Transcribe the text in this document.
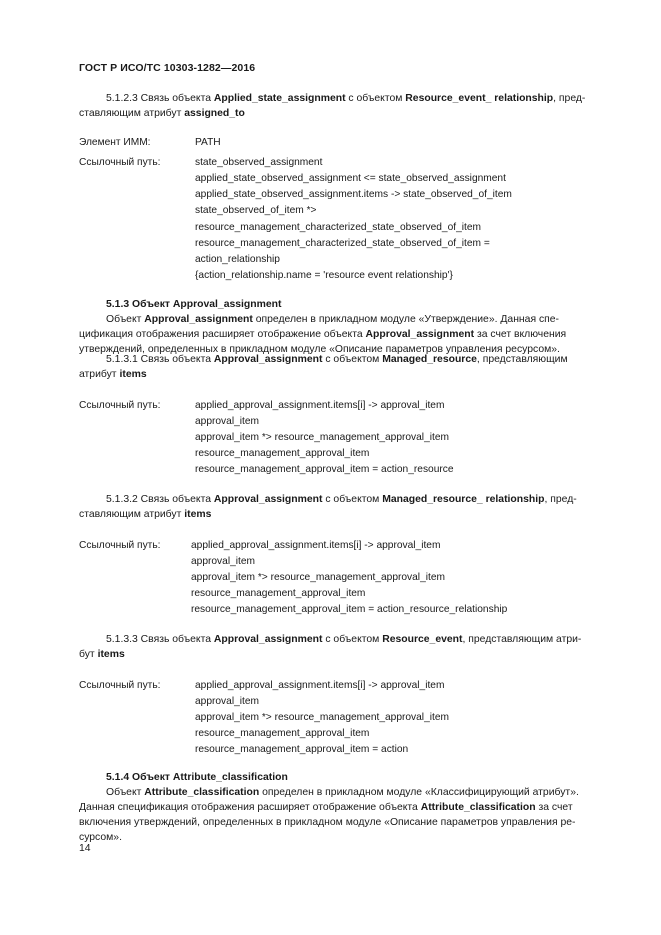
ГОСТ Р ИСО/ТС 10303-1282—2016
5.1.2.3 Связь объекта Applied_state_assignment с объектом Resource_event_ relationship, пред-
ставляющим атрибут assigned_to
Элемент ИММ:	PATH
Ссылочный путь:	state_observed_assignment
applied_state_observed_assignment <= state_observed_assignment
applied_state_observed_assignment.items -> state_observed_of_item
state_observed_of_item *>
resource_management_characterized_state_observed_of_item
resource_management_characterized_state_observed_of_item =
action_relationship
{action_relationship.name = 'resource event relationship'}
5.1.3 Объект Approval_assignment
Объект Approval_assignment определен в прикладном модуле «Утверждение». Данная спе-
цификация отображения расширяет отображение объекта Approval_assignment за счет включения
утверждений, определенных в прикладном модуле «Описание параметров управления ресурсом».
5.1.3.1 Связь объекта Approval_assignment с объектом Managed_resource, представляющим
атрибут items
Ссылочный путь:	applied_approval_assignment.items[i] -> approval_item
approval_item
approval_item *> resource_management_approval_item
resource_management_approval_item
resource_management_approval_item = action_resource
5.1.3.2 Связь объекта Approval_assignment с объектом Managed_resource_ relationship, пред-
ставляющим атрибут items
Ссылочный путь:	applied_approval_assignment.items[i] -> approval_item
approval_item
approval_item *> resource_management_approval_item
resource_management_approval_item
resource_management_approval_item = action_resource_relationship
5.1.3.3 Связь объекта Approval_assignment с объектом Resource_event, представляющим атри-
бут items
Ссылочный путь:	applied_approval_assignment.items[i] -> approval_item
approval_item
approval_item *> resource_management_approval_item
resource_management_approval_item
resource_management_approval_item = action
5.1.4 Объект Attribute_classification
Объект Attribute_classification определен в прикладном модуле «Классифицирующий атрибут».
Данная спецификация отображения расширяет отображение объекта Attribute_classification за счет
включения утверждений, определенных в прикладном модуле «Описание параметров управления ре-
сурсом».
14
